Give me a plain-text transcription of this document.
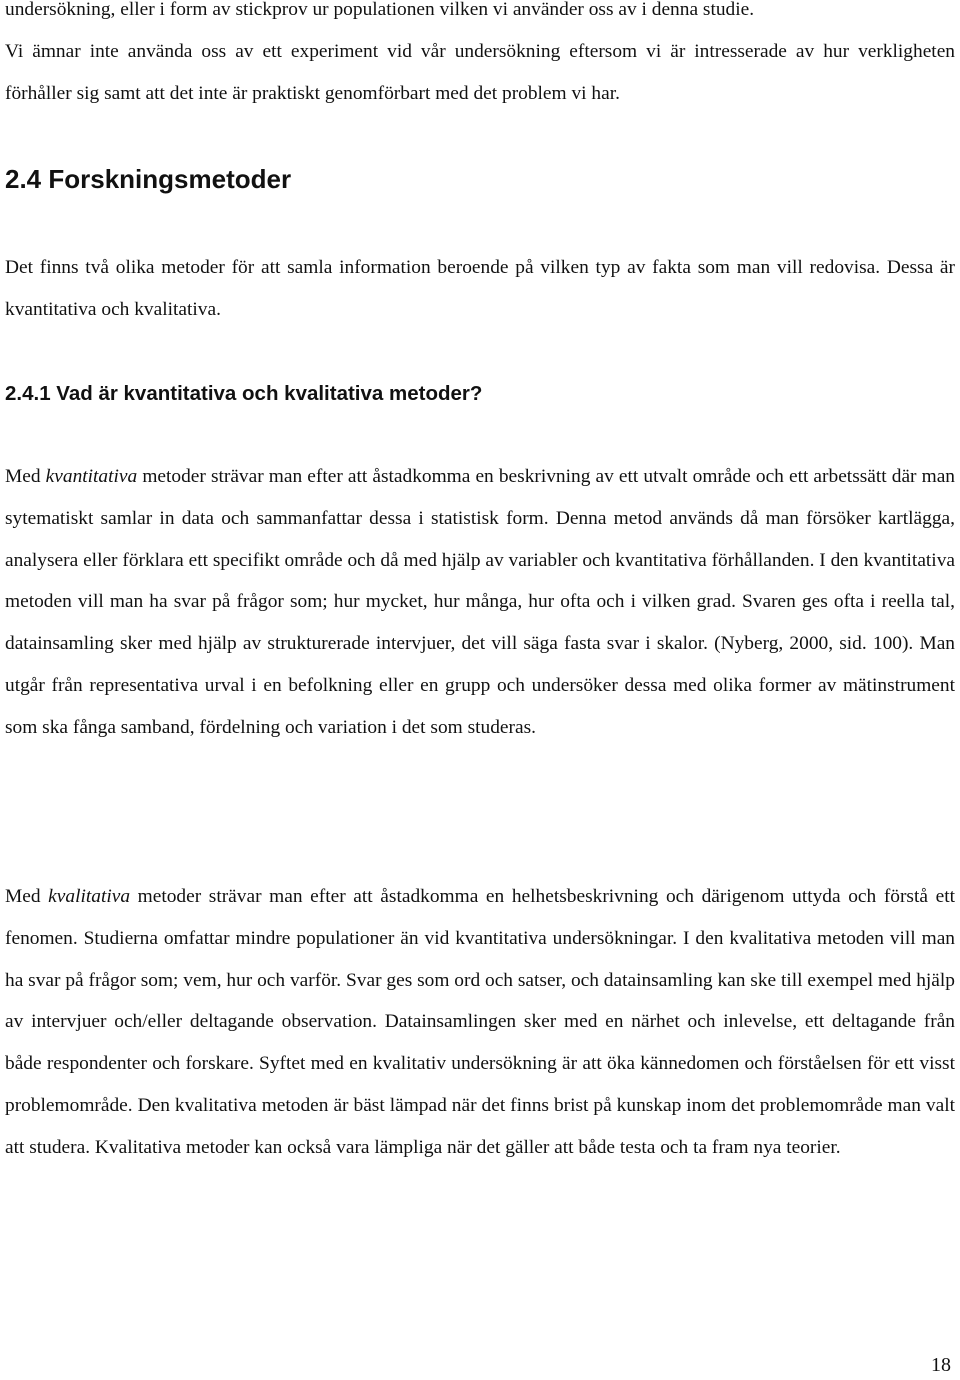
undersökning, eller i form av stickprov ur populationen vilken vi använder oss av i denna studie.

Vi ämnar inte använda oss av ett experiment vid vår undersökning eftersom vi är intresserade av hur verkligheten förhåller sig samt att det inte är praktiskt genomförbart med det problem vi har.

2.4 Forskningsmetoder

Det finns två olika metoder för att samla information beroende på vilken typ av fakta som man vill redovisa. Dessa är kvantitativa och kvalitativa.

2.4.1 Vad är kvantitativa och kvalitativa metoder?

Med kvantitativa metoder strävar man efter att åstadkomma en beskrivning av ett utvalt område och ett arbetssätt där man sytematiskt samlar in data och sammanfattar dessa i statistisk form. Denna metod används då man försöker kartlägga, analysera eller förklara ett specifikt område och då med hjälp av variabler och kvantitativa förhållanden. I den kvantitativa metoden vill man ha svar på frågor som; hur mycket, hur många, hur ofta och i vilken grad. Svaren ges ofta i reella tal, datainsamling sker med hjälp av strukturerade intervjuer, det vill säga fasta svar i skalor. (Nyberg, 2000, sid. 100). Man utgår från representativa urval i en befolkning eller en grupp och undersöker dessa med olika former av mätinstrument som ska fånga samband, fördelning och variation i det som studeras.

Med kvalitativa metoder strävar man efter att åstadkomma en helhetsbeskrivning och därigenom uttyda och förstå ett fenomen. Studierna omfattar mindre populationer än vid kvantitativa undersökningar. I den kvalitativa metoden vill man ha svar på frågor som; vem, hur och varför. Svar ges som ord och satser, och datainsamling kan ske till exempel med hjälp av intervjuer och/eller deltagande observation. Datainsamlingen sker med en närhet och inlevelse, ett deltagande från både respondenter och forskare. Syftet med en kvalitativ undersökning är att öka kännedomen och förståelsen för ett visst problemområde. Den kvalitativa metoden är bäst lämpad när det finns brist på kunskap inom det problemområde man valt att studera. Kvalitativa metoder kan också vara lämpliga när det gäller att både testa och ta fram nya teorier.

18
